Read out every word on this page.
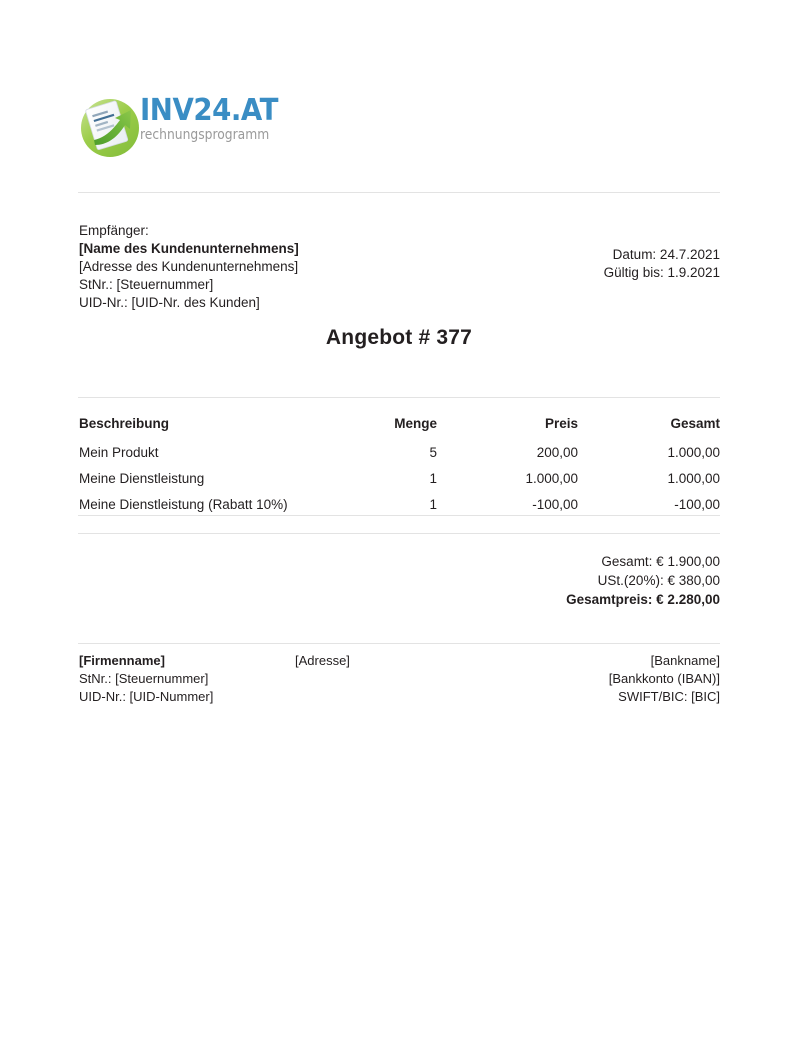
INV24.AT
rechnungsprogramm
Empfänger:
[Name des Kundenunternehmens]
[Adresse des Kundenunternehmens]
StNr.: [Steuernummer]
UID-Nr.: [UID-Nr. des Kunden]
Datum: 24.7.2021
Gültig bis: 1.9.2021
Angebot # 377
Beschreibung	Menge	Preis	Gesamt
Mein Produkt	5	200,00	1.000,00
Meine Dienstleistung	1	1.000,00	1.000,00
Meine Dienstleistung (Rabatt 10%)	1	-100,00	-100,00
Gesamt: € 1.900,00
USt.(20%): € 380,00
Gesamtpreis: € 2.280,00
[Firmenname]
StNr.: [Steuernummer]
UID-Nr.: [UID-Nummer]
[Adresse]	[Bankname]
[Bankkonto (IBAN)]
SWIFT/BIC: [BIC]
